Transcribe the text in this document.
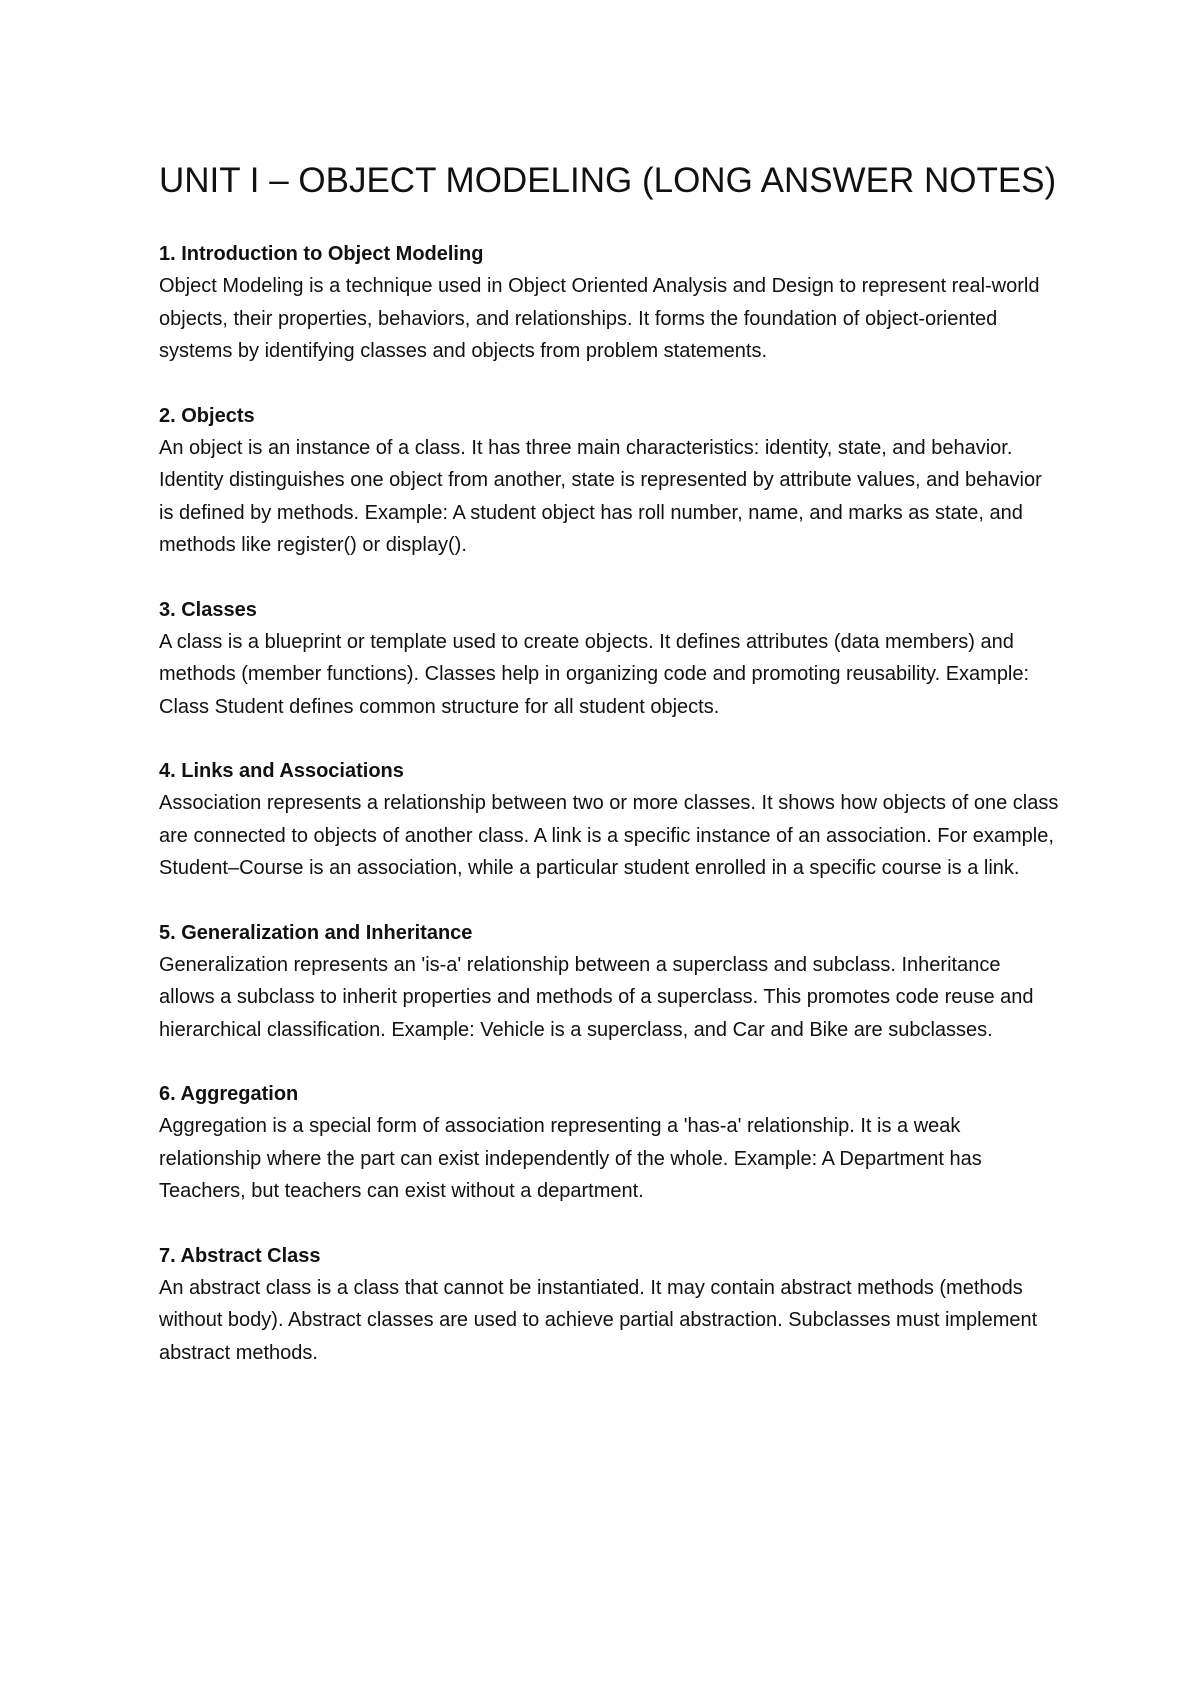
UNIT I – OBJECT MODELING (LONG ANSWER NOTES)

1. Introduction to Object Modeling

Object Modeling is a technique used in Object Oriented Analysis and Design to represent real-world objects, their properties, behaviors, and relationships. It forms the foundation of object-oriented systems by identifying classes and objects from problem statements.

2. Objects

An object is an instance of a class. It has three main characteristics: identity, state, and behavior. Identity distinguishes one object from another, state is represented by attribute values, and behavior is defined by methods. Example: A student object has roll number, name, and marks as state, and methods like register() or display().

3. Classes

A class is a blueprint or template used to create objects. It defines attributes (data members) and methods (member functions). Classes help in organizing code and promoting reusability. Example: Class Student defines common structure for all student objects.

4. Links and Associations

Association represents a relationship between two or more classes. It shows how objects of one class are connected to objects of another class. A link is a specific instance of an association. For example, Student–Course is an association, while a particular student enrolled in a specific course is a link.

5. Generalization and Inheritance

Generalization represents an 'is-a' relationship between a superclass and subclass. Inheritance allows a subclass to inherit properties and methods of a superclass. This promotes code reuse and hierarchical classification. Example: Vehicle is a superclass, and Car and Bike are subclasses.

6. Aggregation

Aggregation is a special form of association representing a 'has-a' relationship. It is a weak relationship where the part can exist independently of the whole. Example: A Department has Teachers, but teachers can exist without a department.

7. Abstract Class

An abstract class is a class that cannot be instantiated. It may contain abstract methods (methods without body). Abstract classes are used to achieve partial abstraction. Subclasses must implement abstract methods.
